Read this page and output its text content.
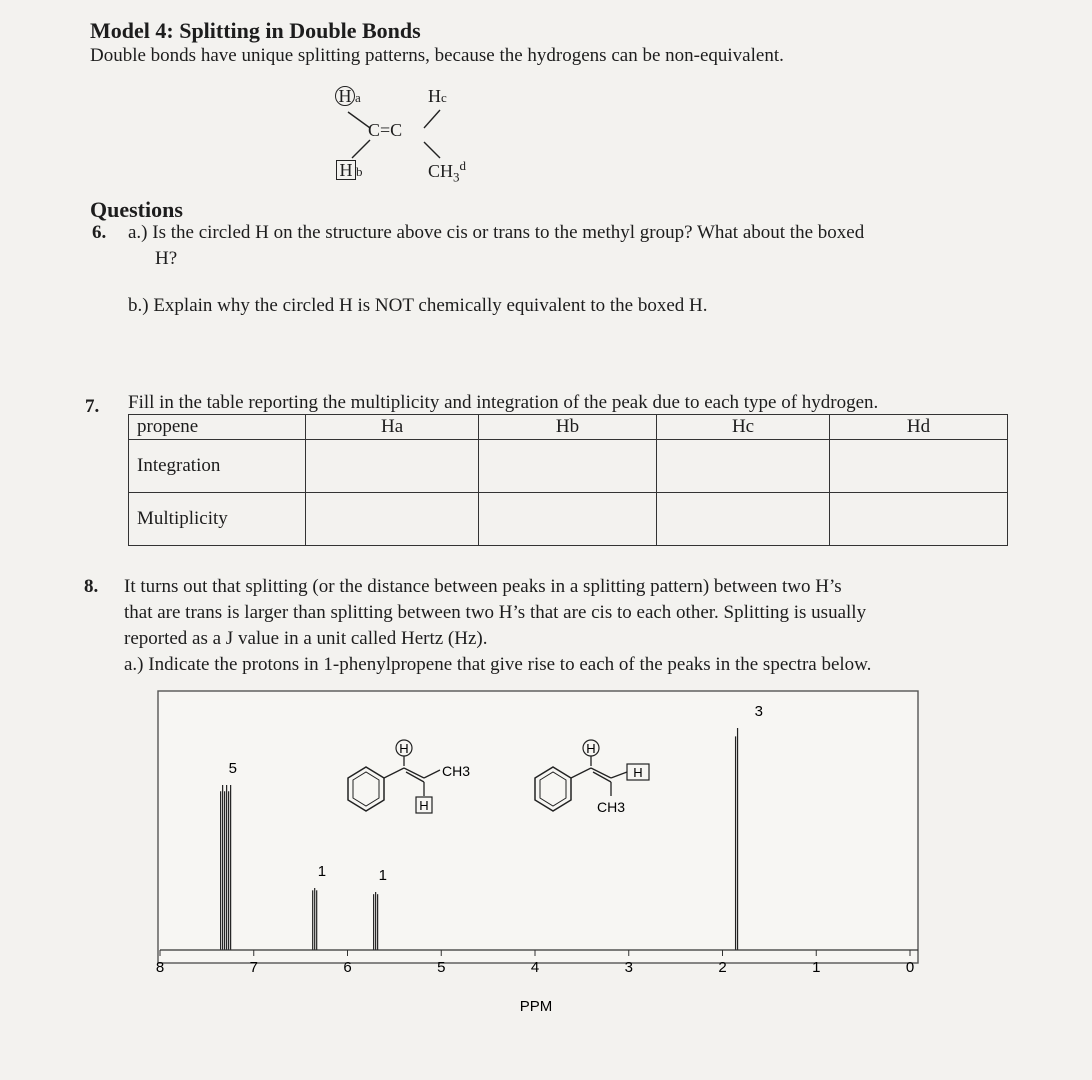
Model 4: Splitting in Double Bonds
Double bonds have unique splitting patterns, because the hydrogens can be non-equivalent.
H a	Hc
C=C
H b	$CH_3^d$
Questions
6. a.) Is the circled H on the structure above cis or trans to the methyl group? What about the boxed
H?
b.) Explain why the circled H is NOT chemically equivalent to the boxed H.
7. Fill in the table reporting the multiplicity and integration of the peak due to each type of hydrogen.
propene	Ha	Hb	Hc	Hd
Integration				
Multiplicity				
8. It turns out that splitting (or the distance between peaks in a splitting pattern) between two H’s
that are trans is larger than splitting between two H’s that are cis to each other. Splitting is usually
reported as a J value in a unit called Hertz (Hz).
a.) Indicate the protons in 1-phenylpropene that give rise to each of the peaks in the spectra below.
8	7	6	5	4	3	2	1	0
PPM
5
1	1
3
H
CH3
H
H
H
CH3
